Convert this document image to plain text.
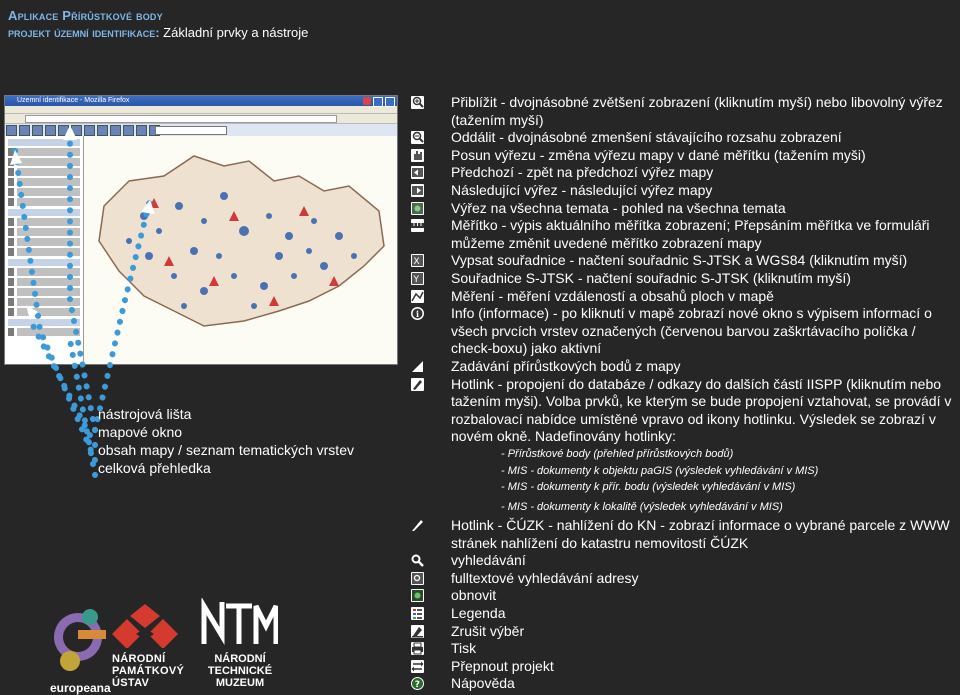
Aplikace Přírůstkové body
projekt územní identifikace: Základní prvky a nástroje
Územní identifikace - Mozilla Firefox
nástrojová lišta
mapové okno
obsah mapy / seznam tematických vrstev
celková přehledka
Přiblížit - dvojnásobné zvětšení zobrazení (kliknutím myší) nebo libovolný výřez (tažením myší)
Oddálit - dvojnásobné zmenšení stávajícího rozsahu zobrazení
Posun výřezu - změna výřezu mapy v dané měřítku (tažením myši)
Předchozí - zpět na předchozí výřez mapy
Následující výřez - následující výřez mapy
Výřez na všechna temata - pohled na všechna temata
Měřítko - výpis aktuálního měřítka zobrazení; Přepsáním měřítka ve formuláři můžeme změnit uvedené měřítko zobrazení mapy
X Vypsat souřadnice - načtení souřadnic S-JTSK a WGS84 (kliknutím myší)
Y Souřadnice S-JTSK - načtení souřadnic S-JTSK (kliknutím myší)
Měření - měření vzdáleností a obsahů ploch v mapě
i Info (informace) - po kliknutí v mapě zobrazí nové okno s výpisem informací o všech prvcích vrstev označených (červenou barvou zaškrtávacího políčka / check-boxu) jako aktivní
Zadávání přírůstkových bodů z mapy
Hotlink - propojení do databáze / odkazy do dalších částí IISPP (kliknutím nebo tažením myši). Volba prvků, ke kterým se bude propojení vztahovat, se provádí v rozbalovací nabídce umístěné vpravo od ikony hotlinku. Výsledek se zobrazí v novém okně. Nadefinovány hotlinky:
- Přírůstkové body (přehled přírůstkových bodů)
- MIS - dokumenty k objektu paGIS (výsledek vyhledávání v MIS)
- MIS - dokumenty k přír. bodu (výsledek vyhledávání v MIS)
- MIS - dokumenty k lokalitě (výsledek vyhledávání v MIS)
Hotlink - ČÚZK - nahlížení do KN - zobrazí informace o vybrané parcele z WWW stránek nahlížení do katastru nemovitostí ČÚZK
vyhledávání
fulltextové vyhledávání adresy
obnovit
Legenda
Zrušit výběr
Tisk
Přepnout projekt
? Nápověda
europeana
NÁRODNÍ
PAMÁTKOVÝ
ÚSTAV
NÁRODNÍ
TECHNICKÉ
MUZEUM
